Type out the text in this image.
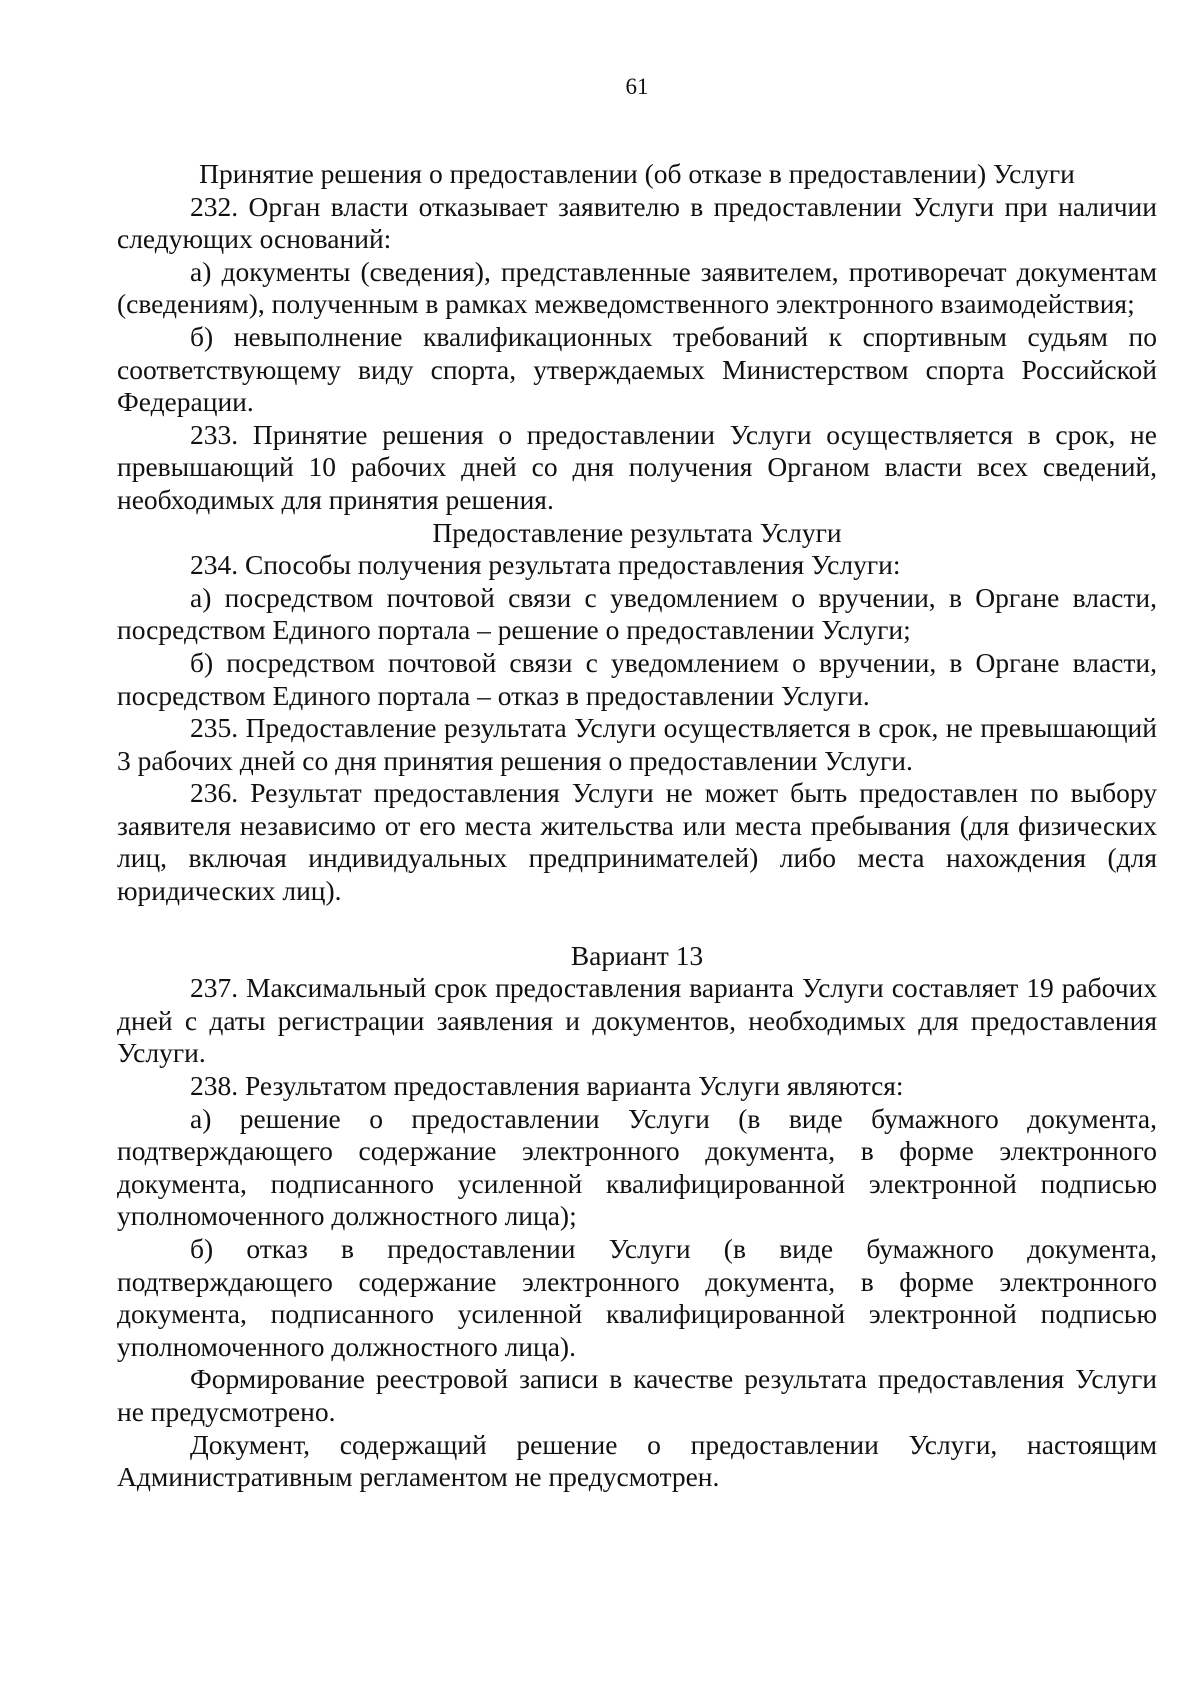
61
Принятие решения о предоставлении (об отказе в предоставлении) Услуги

232. Орган власти отказывает заявителю в предоставлении Услуги при наличии следующих оснований:

а) документы (сведения), представленные заявителем, противоречат документам (сведениям), полученным в рамках межведомственного электронного взаимодействия;

б) невыполнение квалификационных требований к спортивным судьям по соответствующему виду спорта, утверждаемых Министерством спорта Российской Федерации.

233. Принятие решения о предоставлении Услуги осуществляется в срок, не превышающий 10 рабочих дней со дня получения Органом власти всех сведений, необходимых для принятия решения.

Предоставление результата Услуги

234. Способы получения результата предоставления Услуги:

а) посредством почтовой связи с уведомлением о вручении, в Органе власти, посредством Единого портала – решение о предоставлении Услуги;

б) посредством почтовой связи с уведомлением о вручении, в Органе власти, посредством Единого портала – отказ в предоставлении Услуги.

235. Предоставление результата Услуги осуществляется в срок, не превышающий 3 рабочих дней со дня принятия решения о предоставлении Услуги.

236. Результат предоставления Услуги не может быть предоставлен по выбору заявителя независимо от его места жительства или места пребывания (для физических лиц, включая индивидуальных предпринимателей) либо места нахождения (для юридических лиц).

Вариант 13

237. Максимальный срок предоставления варианта Услуги составляет 19 рабочих дней с даты регистрации заявления и документов, необходимых для предоставления Услуги.

238. Результатом предоставления варианта Услуги являются:

а) решение о предоставлении Услуги (в виде бумажного документа, подтверждающего содержание электронного документа, в форме электронного документа, подписанного усиленной квалифицированной электронной подписью уполномоченного должностного лица);

б) отказ в предоставлении Услуги (в виде бумажного документа, подтверждающего содержание электронного документа, в форме электронного документа, подписанного усиленной квалифицированной электронной подписью уполномоченного должностного лица).

Формирование реестровой записи в качестве результата предоставления Услуги не предусмотрено.

Документ, содержащий решение о предоставлении Услуги, настоящим Административным регламентом не предусмотрен.
